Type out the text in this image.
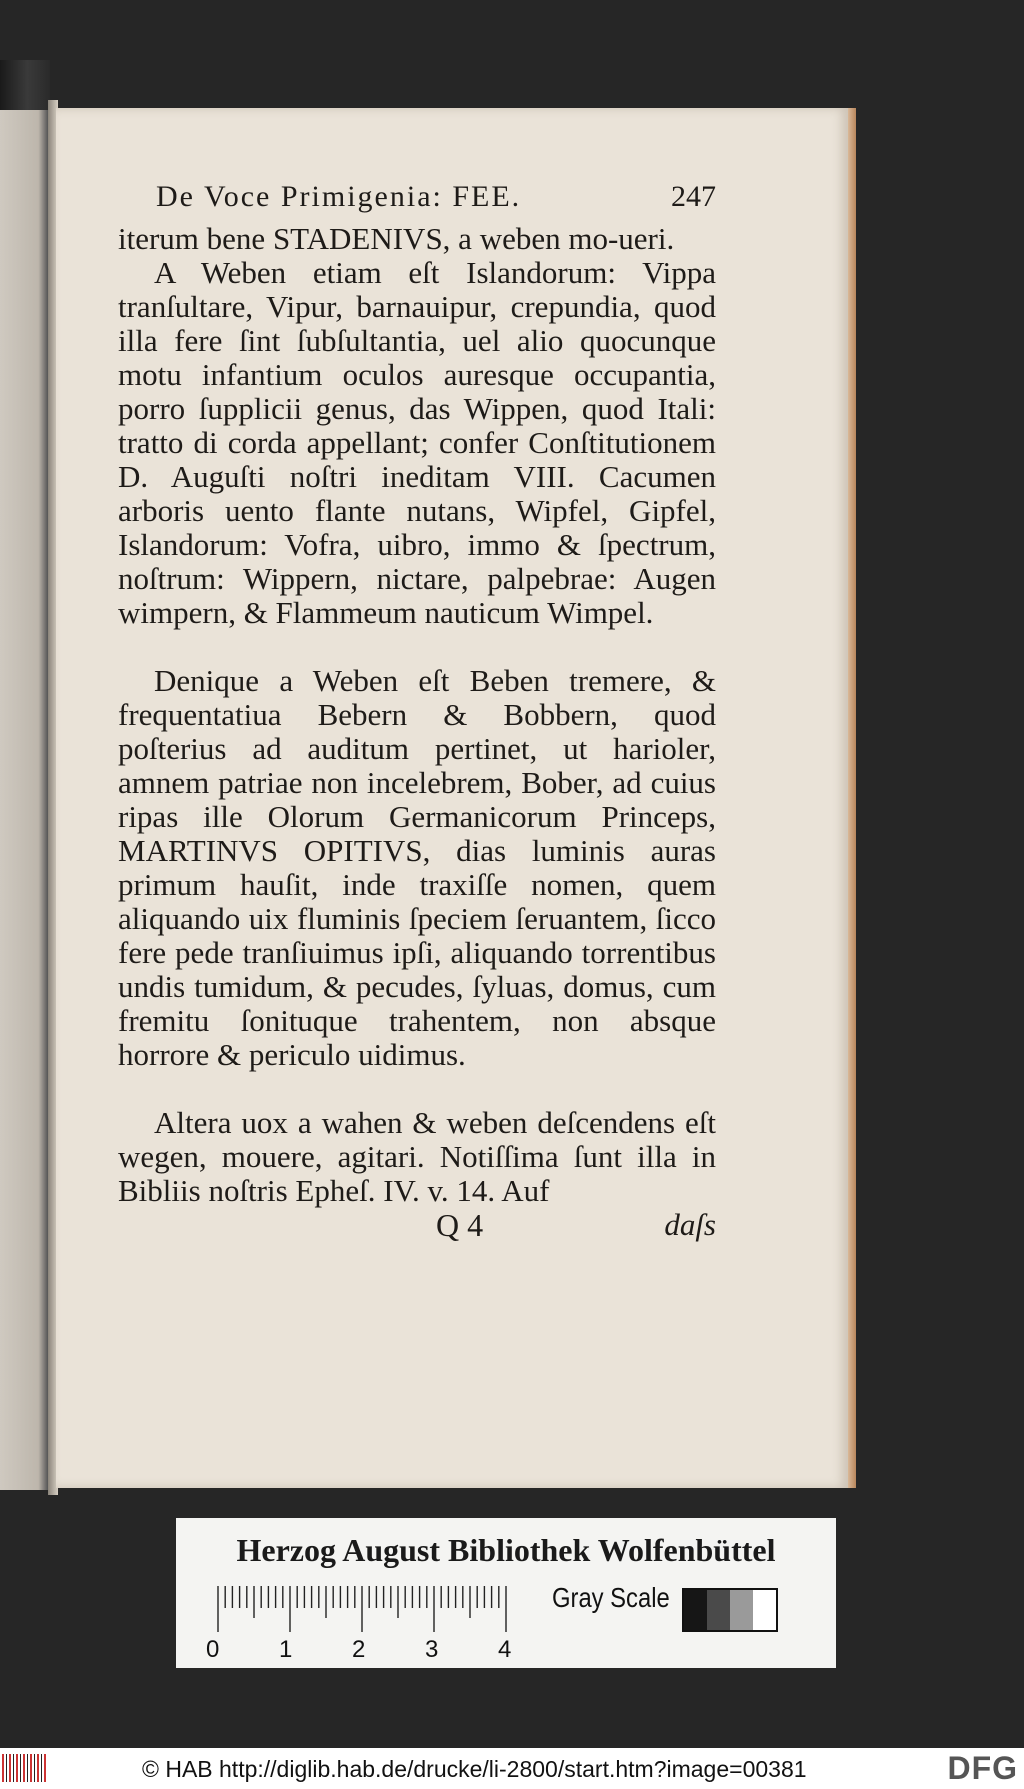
De Voce Primigenia: FEE.	247

iterum bene STADENIVS, a weben mo-ueri.

A Weben etiam eſt Islandorum: Vippa tranſultare, Vipur, barnauipur, crepundia, quod illa fere ſint ſubſultantia, uel alio quocunque motu infantium oculos auresque occupantia, porro ſupplicii genus, das Wippen, quod Itali: tratto di corda appellant; confer Conſtitutionem D. Auguſti noſtri ineditam VIII. Cacumen arboris uento flante nutans, Wipfel, Gipfel, Islandorum: Vofra, uibro, immo & ſpectrum, noſtrum: Wippern, nictare, palpebrae: Augen wimpern, & Flammeum nauticum Wimpel.

Denique a Weben eſt Beben tremere, & frequentatiua Bebern & Bobbern, quod poſterius ad auditum pertinet, ut harioler, amnem patriae non incelebrem, Bober, ad cuius ripas ille Olorum Germanicorum Princeps, MARTINVS OPITIVS, dias luminis auras primum hauſit, inde traxiſſe nomen, quem aliquando uix fluminis ſpeciem ſeruantem, ſicco fere pede tranſiuimus ipſi, aliquando torrentibus undis tumidum, & pecudes, ſyluas, domus, cum fremitu ſonituque trahentem, non absque horrore & periculo uidimus.

Altera uox a wahen & weben deſcendens eſt wegen, mouere, agitari. Notiſſima ſunt illa in Bibliis noſtris Epheſ. IV. v. 14. Auf

Q 4	daſs
Herzog August Bibliothek Wolfenbüttel
0 1 2 3 4
Gray Scale
© HAB http://diglib.hab.de/drucke/li-2800/start.htm?image=00381	DFG
